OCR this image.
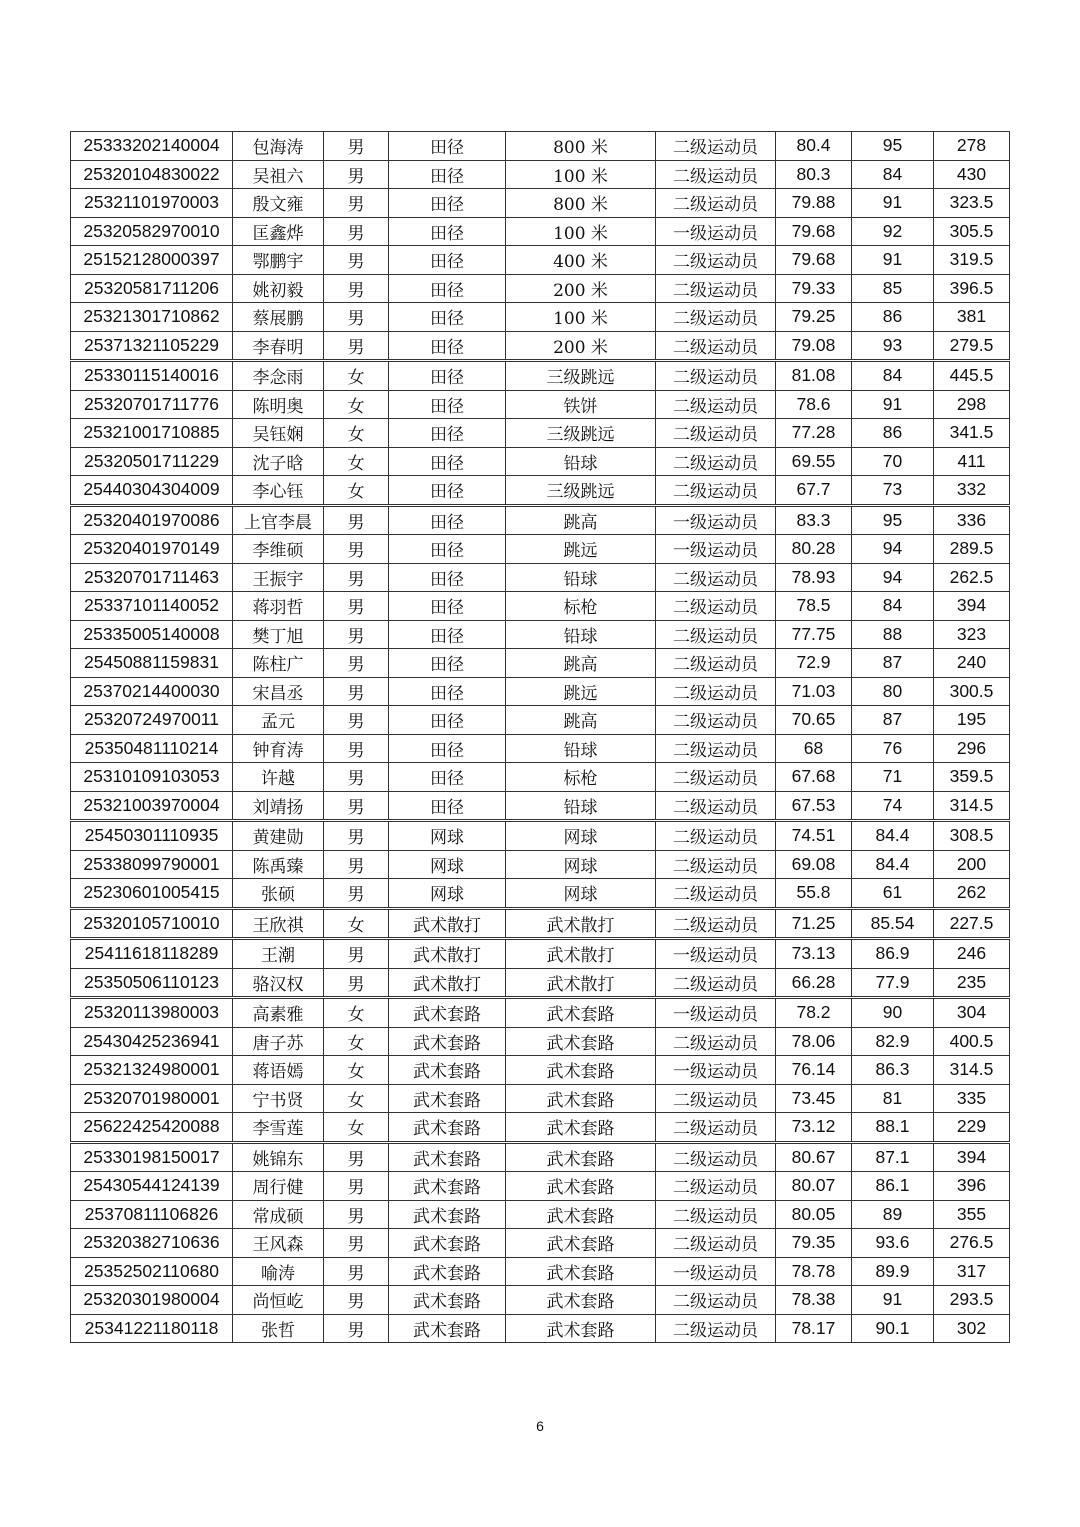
25333202140004	包海涛	男	田径	800 米	二级运动员	80.4	95	278
25320104830022	吴祖六	男	田径	100 米	二级运动员	80.3	84	430
25321101970003	殷文雍	男	田径	800 米	二级运动员	79.88	91	323.5
25320582970010	匡鑫烨	男	田径	100 米	一级运动员	79.68	92	305.5
25152128000397	鄂鹏宇	男	田径	400 米	二级运动员	79.68	91	319.5
25320581711206	姚初毅	男	田径	200 米	二级运动员	79.33	85	396.5
25321301710862	蔡展鹏	男	田径	100 米	二级运动员	79.25	86	381
25371321105229	李春明	男	田径	200 米	二级运动员	79.08	93	279.5
25330115140016	李念雨	女	田径	三级跳远	二级运动员	81.08	84	445.5
25320701711776	陈明奥	女	田径	铁饼	二级运动员	78.6	91	298
25321001710885	吴钰娴	女	田径	三级跳远	二级运动员	77.28	86	341.5
25320501711229	沈子晗	女	田径	铅球	二级运动员	69.55	70	411
25440304304009	李心钰	女	田径	三级跳远	二级运动员	67.7	73	332
25320401970086	上官李晨	男	田径	跳高	一级运动员	83.3	95	336
25320401970149	李维硕	男	田径	跳远	一级运动员	80.28	94	289.5
25320701711463	王振宇	男	田径	铅球	二级运动员	78.93	94	262.5
25337101140052	蒋羽哲	男	田径	标枪	二级运动员	78.5	84	394
25335005140008	樊丁旭	男	田径	铅球	二级运动员	77.75	88	323
25450881159831	陈柱广	男	田径	跳高	二级运动员	72.9	87	240
25370214400030	宋昌丞	男	田径	跳远	二级运动员	71.03	80	300.5
25320724970011	孟元	男	田径	跳高	二级运动员	70.65	87	195
25350481110214	钟育涛	男	田径	铅球	二级运动员	68	76	296
25310109103053	许越	男	田径	标枪	二级运动员	67.68	71	359.5
25321003970004	刘靖扬	男	田径	铅球	二级运动员	67.53	74	314.5
25450301110935	黄建勋	男	网球	网球	二级运动员	74.51	84.4	308.5
25338099790001	陈禹臻	男	网球	网球	二级运动员	69.08	84.4	200
25230601005415	张硕	男	网球	网球	二级运动员	55.8	61	262
25320105710010	王欣祺	女	武术散打	武术散打	二级运动员	71.25	85.54	227.5
25411618118289	王潮	男	武术散打	武术散打	一级运动员	73.13	86.9	246
25350506110123	骆汉权	男	武术散打	武术散打	二级运动员	66.28	77.9	235
25320113980003	高素雅	女	武术套路	武术套路	一级运动员	78.2	90	304
25430425236941	唐子苏	女	武术套路	武术套路	二级运动员	78.06	82.9	400.5
25321324980001	蒋语嫣	女	武术套路	武术套路	一级运动员	76.14	86.3	314.5
25320701980001	宁书贤	女	武术套路	武术套路	二级运动员	73.45	81	335
25622425420088	李雪莲	女	武术套路	武术套路	二级运动员	73.12	88.1	229
25330198150017	姚锦东	男	武术套路	武术套路	二级运动员	80.67	87.1	394
25430544124139	周行健	男	武术套路	武术套路	二级运动员	80.07	86.1	396
25370811106826	常成硕	男	武术套路	武术套路	二级运动员	80.05	89	355
25320382710636	王风森	男	武术套路	武术套路	二级运动员	79.35	93.6	276.5
25352502110680	喻涛	男	武术套路	武术套路	一级运动员	78.78	89.9	317
25320301980004	尚恒屹	男	武术套路	武术套路	二级运动员	78.38	91	293.5
25341221180118	张哲	男	武术套路	武术套路	二级运动员	78.17	90.1	302
6
